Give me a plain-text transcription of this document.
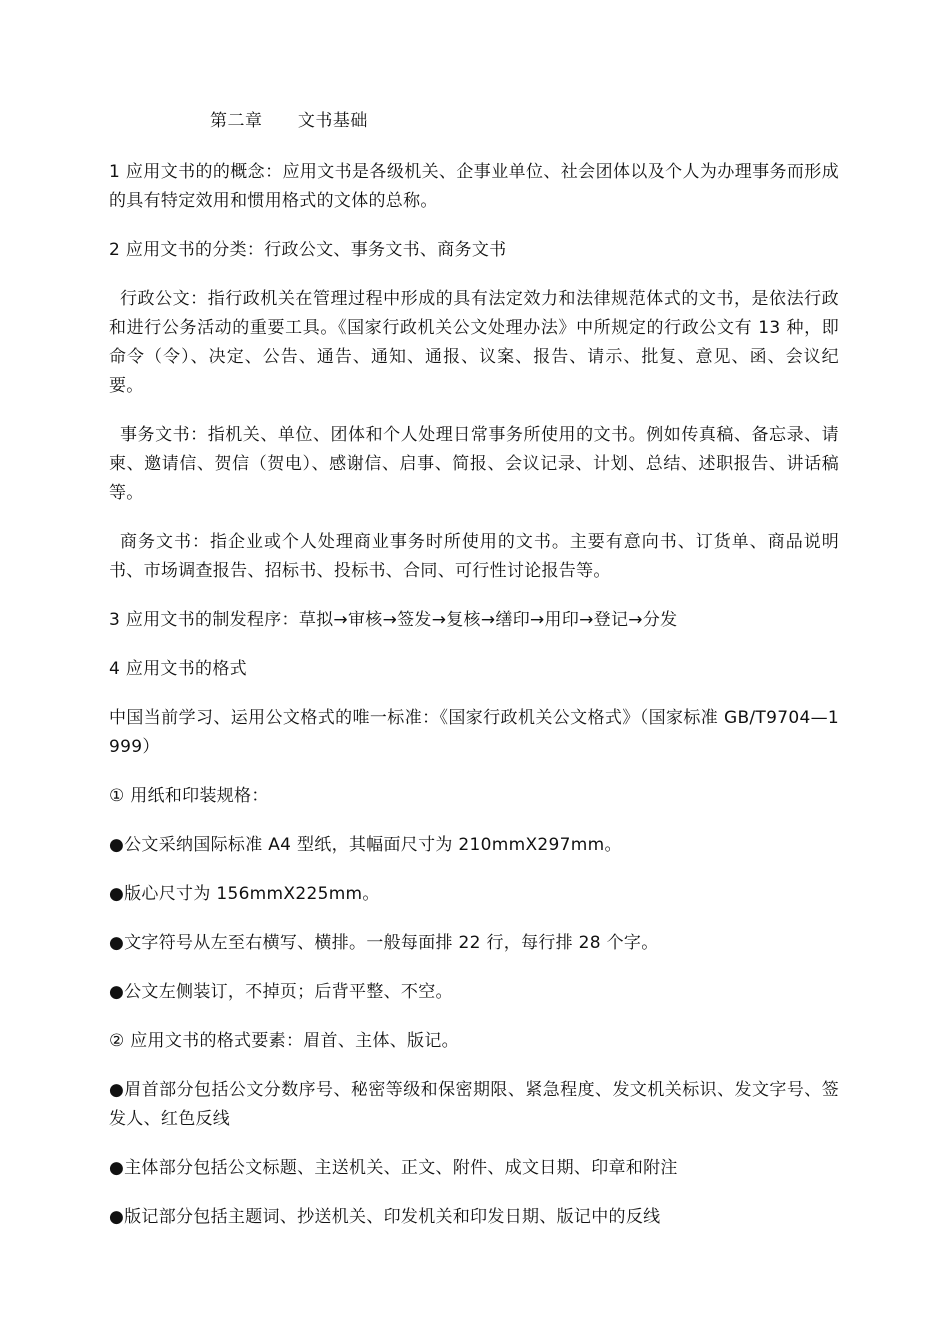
第二章      文书基础

1 应用文书的的概念：应用文书是各级机关、企事业单位、社会团体以及个人为办理事务而形成的具有特定效用和惯用格式的文体的总称。

2 应用文书的分类：行政公文、事务文书、商务文书

行政公文：指行政机关在管理过程中形成的具有法定效力和法律规范体式的文书，是依法行政和进行公务活动的重要工具。《国家行政机关公文处理办法》中所规定的行政公文有 13 种，即命令（令）、决定、公告、通告、通知、通报、议案、报告、请示、批复、意见、函、会议纪要。

事务文书：指机关、单位、团体和个人处理日常事务所使用的文书。例如传真稿、备忘录、请柬、邀请信、贺信（贺电）、感谢信、启事、简报、会议记录、计划、总结、述职报告、讲话稿等。

商务文书：指企业或个人处理商业事务时所使用的文书。主要有意向书、订货单、商品说明书、市场调查报告、招标书、投标书、合同、可行性讨论报告等。

3 应用文书的制发程序：草拟→审核→签发→复核→缮印→用印→登记→分发

4 应用文书的格式

中国当前学习、运用公文格式的唯一标准：《国家行政机关公文格式》（国家标准 GB/T9704—1999）

① 用纸和印装规格：

●公文采纳国际标准 A4 型纸，其幅面尺寸为 210mmX297mm。

●版心尺寸为 156mmX225mm。

●文字符号从左至右横写、横排。一般每面排 22 行，每行排 28 个字。

●公文左侧装订，不掉页；后背平整、不空。

② 应用文书的格式要素：眉首、主体、版记。

●眉首部分包括公文分数序号、秘密等级和保密期限、紧急程度、发文机关标识、发文字号、签发人、红色反线

●主体部分包括公文标题、主送机关、正文、附件、成文日期、印章和附注

●版记部分包括主题词、抄送机关、印发机关和印发日期、版记中的反线
